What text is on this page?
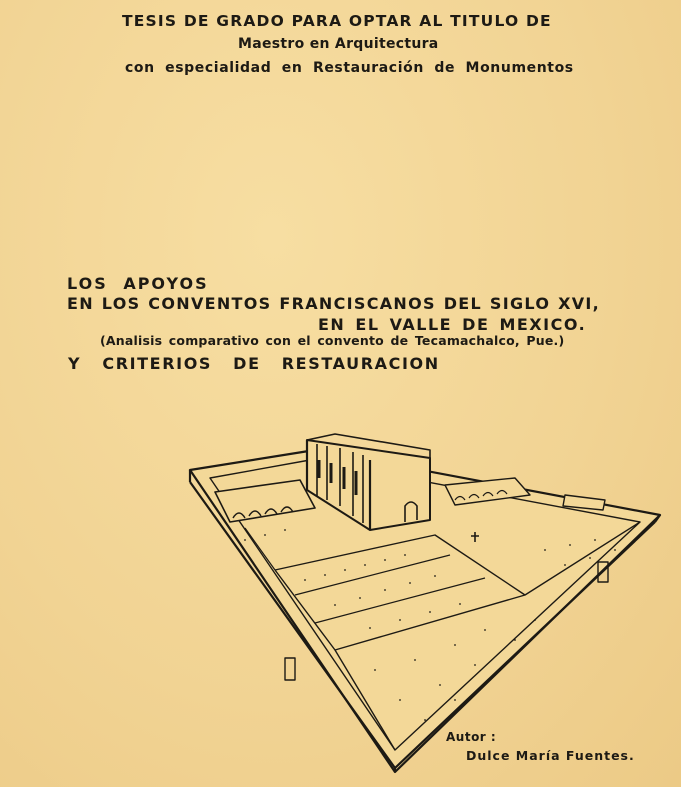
TESIS DE GRADO PARA OPTAR AL TITULO DE
Maestro en Arquitectura
con especialidad en Restauración de Monumentos
LOS APOYOS
EN LOS CONVENTOS FRANCISCANOS DEL SIGLO XVI,
EN EL VALLE DE MEXICO.
(Analisis comparativo con el convento de Tecamachalco, Pue.)
Y CRITERIOS DE RESTAURACION
Autor :
Dulce María Fuentes.
